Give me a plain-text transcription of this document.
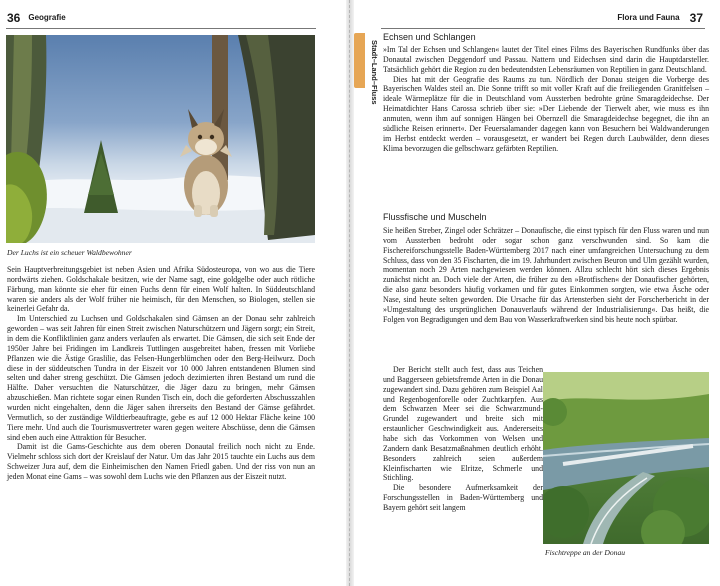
36 Geografie
Der Luchs ist ein scheuer Waldbewohner

Sein Hauptverbreitungsgebiet ist neben Asien und Afrika Südosteuropa, von wo aus die Tiere nordwärts ziehen. Goldschakale besitzen, wie der Name sagt, eine goldgelbe oder auch rötliche Färbung, man könnte sie eher für einen Fuchs denn für einen Wolf halten. In Süddeutschland waren sie anders als der Wolf früher nie heimisch, für den Menschen, so Biologen, stellen sie keinerlei Gefahr da.

Im Unterschied zu Luchsen und Goldschakalen sind Gämsen an der Donau sehr zahlreich geworden – was seit Jahren für einen Streit zwischen Naturschützern und Jägern sorgt; ein Streit, in dem die Konfliktlinien ganz anders verlaufen als erwartet. Die Gämsen, die sich seit Ende der 1950er Jahre bei Fridingen im Landkreis Tuttlingen ausgebreitet haben, fressen mit Vorliebe Pflanzen wie die Ästige Graslilie, das Felsen-Hungerblümchen oder den Berg-Heilwurz. Doch diese in der süddeutschen Tundra in der Eiszeit vor 10 000 Jahren entstandenen Blumen sind selten und daher streng geschützt. Die Gämsen jedoch dezimierten ihren Bestand um rund die Hälfte. Daher versuchten die Naturschützer, die Jäger dazu zu bringen, mehr Gämsen abzuschießen. Man richtete sogar einen Runden Tisch ein, doch die geforderten Abschusszahlen wurden nicht eingehalten, denn die Jäger sahen ihrerseits den Bestand der Gämse gefährdet. Vermutlich, so der zuständige Wildtierbeauftragte, gebe es auf 12 000 Hektar Fläche keine 100 Tiere mehr. Und auch die Tourismusvertreter waren gegen weitere Abschüsse, denn die Gämsen sind eben auch eine Attraktion für Besucher.

Damit ist die Gams-Geschichte aus dem oberen Donautal freilich noch nicht zu Ende. Vielmehr schloss sich dort der Kreislauf der Natur. Um das Jahr 2015 tauchte ein Luchs aus dem Schweizer Jura auf, dem die Einheimischen den Namen Friedl gaben. Und der riss von nun an jeden Monat eine Gams – was sowohl dem Luchs wie den Pflanzen aus der Eiszeit nutzt.

Flora und Fauna 37
Echsen und Schlangen

»Im Tal der Echsen und Schlangen« lautet der Titel eines Films des Bayerischen Rundfunks über das Donautal zwischen Deggendorf und Passau. Nattern und Eidechsen sind darin die Hauptdarsteller. Tatsächlich gehört die Region zu den bedeutendsten Lebensräumen von Reptilien in ganz Deutschland.

Dies hat mit der Geografie des Raums zu tun. Nördlich der Donau steigen die Vorberge des Bayerischen Waldes steil an. Die Sonne trifft so mit voller Kraft auf die freiliegenden Granitfelsen – ideale Wärmeplätze für die in Deutschland vom Aussterben bedrohte grüne Smaragdeidechse. Der Heimatdichter Hans Carossa schrieb über sie: »Der Liebende der Tierwelt aber, wie muss es ihn anmuten, wenn ihm auf sonnigen Hängen bei Obernzell die Smaragdeidechse begegnet, die ihn an südliche Reisen erinnert«. Der Feuersalamander dagegen kann von Besuchern bei Waldwanderungen im Herbst entdeckt werden – vorausgesetzt, er wandert bei Regen durch Laubwälder, denn dieses Klima bevorzugen die gelbschwarz gefärbten Reptilien.

Flussfische und Muscheln

Sie heißen Streber, Zingel oder Schrätzer – Donaufische, die einst typisch für den Fluss waren und nun vom Aussterben bedroht oder sogar schon ganz verschwunden sind. So kam die Fischereiforschungsstelle Baden-Württemberg 2017 nach einer umfangreichen Untersuchung zu dem Schluss, dass von den 35 Fischarten, die im 19. Jahrhundert zwischen Beuron und Ulm gezählt wurden, momentan noch 29 Arten nachgewiesen werden können. Allzu schlecht hört sich dieses Ergebnis zunächst nicht an. Doch viele der Arten, die früher zu den »Brotfischen« der Donaufischer gehörten, die also ganz besonders häufig vorkamen und für gutes Einkommen sorgten, wie etwa Äsche oder Nase, sind heute selten geworden. Die Ursache für das Artensterben sieht der Forscherbericht in der »Umgestaltung des ursprünglichen Donauverlaufs während der Industrialisierung«. Das heißt, die Folgen von Begradigungen und dem Bau von Wasserkraftwerken sind bis heute noch spürbar.

Der Bericht stellt auch fest, dass aus Teichen und Baggerseen gebietsfremde Arten in die Donau zugewandert sind. Dazu gehören zum Beispiel Aal und Regenbogenforelle oder Zuchtkarpfen. Aus dem Schwarzen Meer sei die Schwarzmund-Grundel zugewandert und breite sich mit erstaunlicher Geschwindigkeit aus. Andererseits habe sich das Vorkommen von Welsen und Zandern dank Besatzmaßnahmen deutlich erhöht. Besonders zahlreich seien außerdem Kleinfischarten wie Elritze, Schmerle und Stichling.

Die besondere Aufmerksamkeit der Forschungsstellen in Baden-Württemberg und Bayern gehört seit langem

Fischtreppe an der Donau
Stadt–Land–Fluss
